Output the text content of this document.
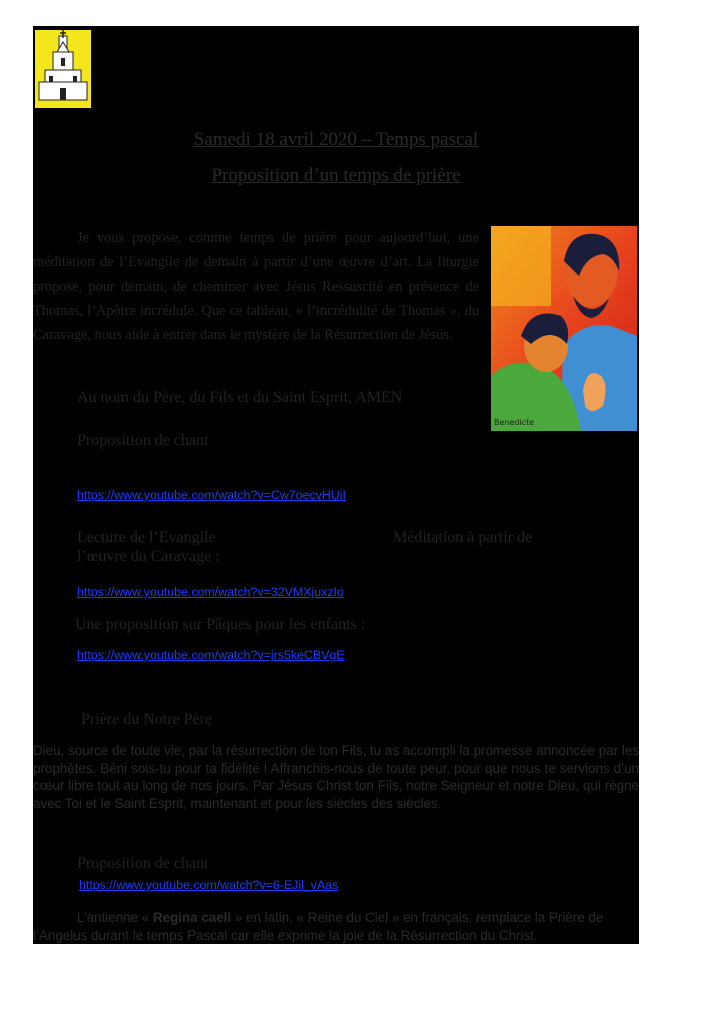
Samedi 18 avril 2020 – Temps pascal
Proposition d’un temps de prière
Je vous propose, comme temps de prière pour aujourd’hui, une méditation de l’Evangile de demain à partir d’une œuvre d’art. La liturgie propose, pour demain, de cheminer avec Jésus Ressuscité en présence de Thomas, l’Apôtre incrédule. Que ce tableau, « l’incrédulité de Thomas », du Caravage, nous aide à entrer dans le mystère de la Résurrection de Jésus.
Benedicte
Au nom du Père, du Fils et du Saint Esprit, AMEN
Proposition de chant
https://www.youtube.com/watch?v=Cw7oecvHUiI
Lecture de l’Evangile	Méditation à partir de
l’œuvre du Caravage :
https://www.youtube.com/watch?v=32VMXjuxzIo
Une proposition sur Pâques pour les enfants :
https://www.youtube.com/watch?v=jrs5keCBVgE
Prière du Notre Père
Dieu, source de toute vie, par la résurrection de ton Fils, tu as accompli la promesse annoncée par les prophètes. Béni sois-tu pour ta fidélité ! Affranchis-nous de toute peur, pour que nous te servions d’un cœur libre tout au long de nos jours. Par Jésus Christ ton Fils, notre Seigneur et notre Dieu, qui règne avec Toi et le Saint Esprit, maintenant et pour les siècles des siècles.
Proposition de chant
https://www.youtube.com/watch?v=6-EJil_vAas
L’antienne « Regina caeli » en latin, « Reine du Ciel » en français, remplace la Prière de l’Angelus durant le temps Pascal car elle exprime la joie de la Résurrection du Christ.
